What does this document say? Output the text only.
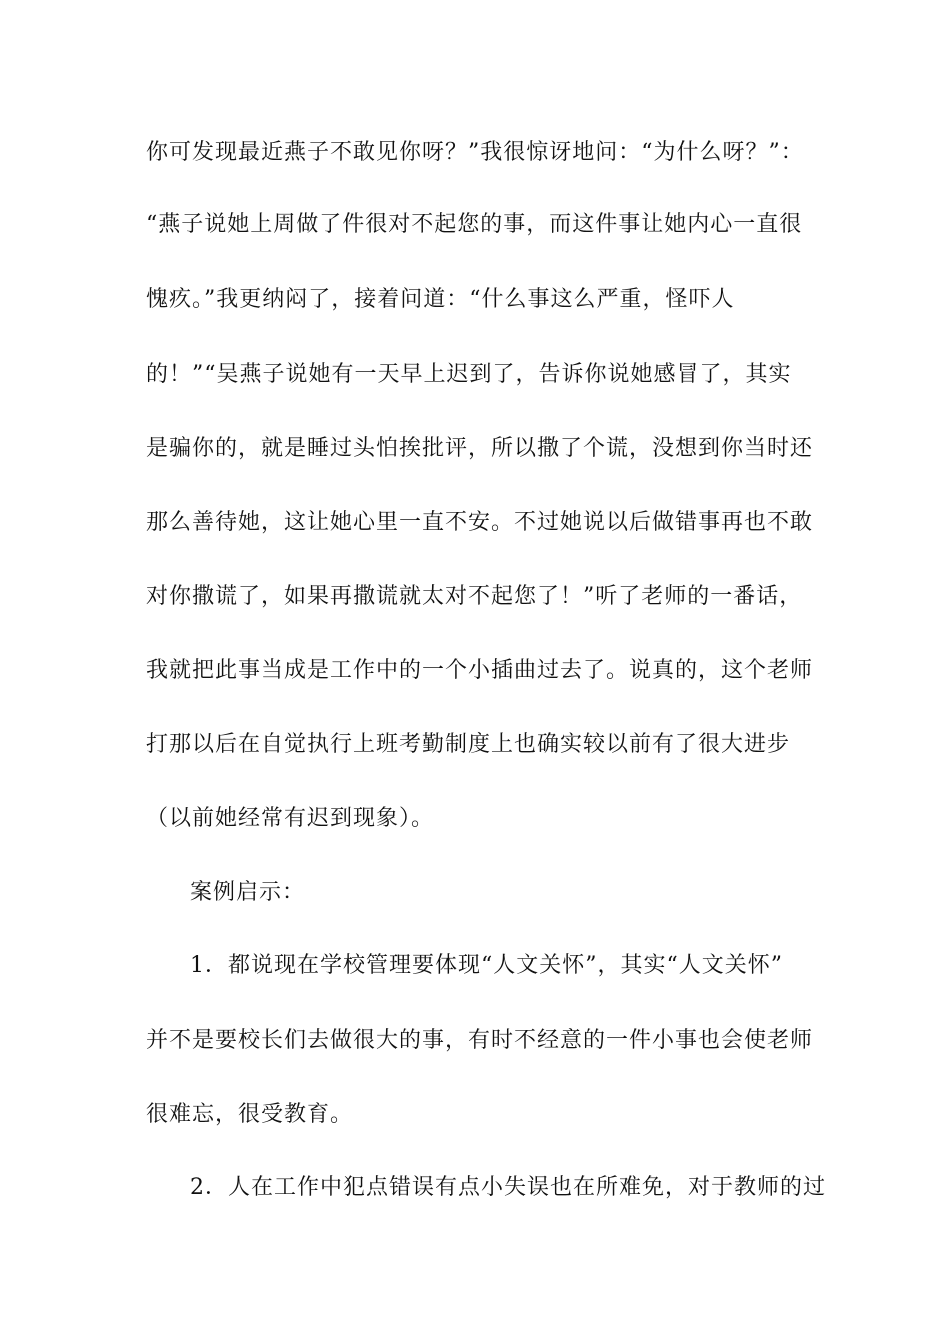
你可发现最近燕子不敢见你呀？”我很惊讶地问：“为什么呀？”：
“燕子说她上周做了件很对不起您的事，而这件事让她内心一直很
愧疚。”我更纳闷了，接着问道：“什么事这么严重，怪吓人
的！”“吴燕子说她有一天早上迟到了，告诉你说她感冒了，其实
是骗你的，就是睡过头怕挨批评，所以撒了个谎，没想到你当时还
那么善待她，这让她心里一直不安。不过她说以后做错事再也不敢
对你撒谎了，如果再撒谎就太对不起您了！”听了老师的一番话，
我就把此事当成是工作中的一个小插曲过去了。说真的，这个老师
打那以后在自觉执行上班考勤制度上也确实较以前有了很大进步
（以前她经常有迟到现象）。
案例启示：
1．都说现在学校管理要体现“人文关怀”，其实“人文关怀”
并不是要校长们去做很大的事，有时不经意的一件小事也会使老师
很难忘，很受教育。
2．人在工作中犯点错误有点小失误也在所难免，对于教师的过
